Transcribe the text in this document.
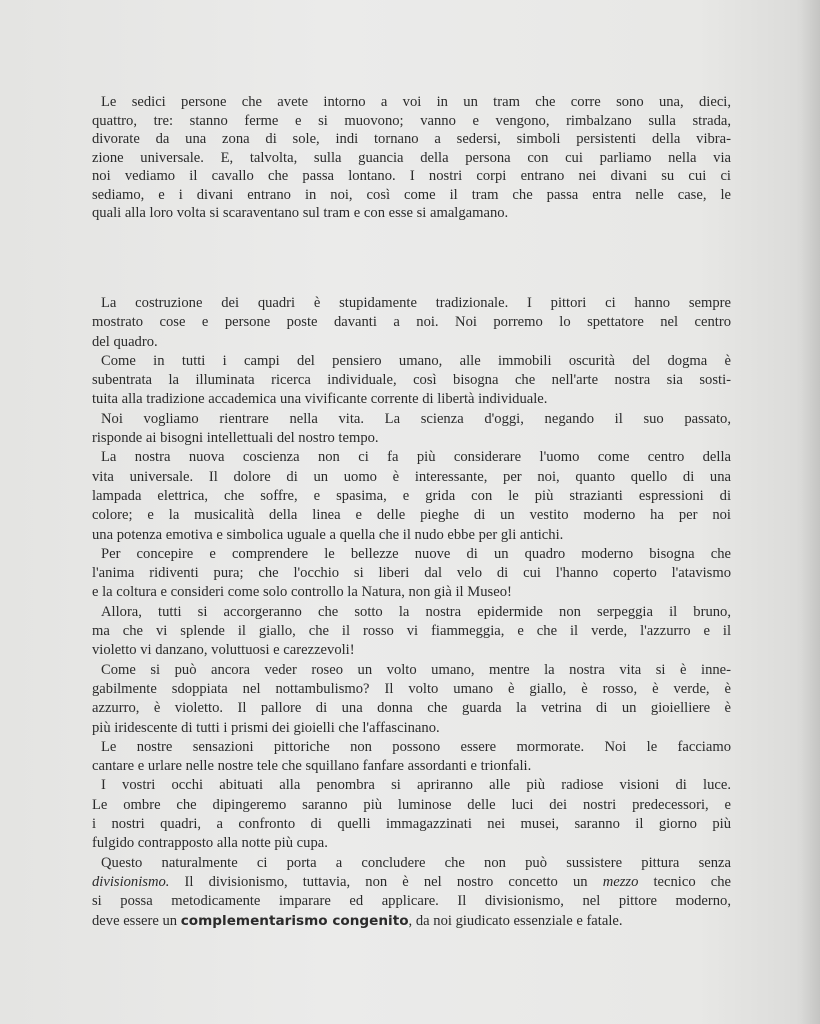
Le sedici persone che avete intorno a voi in un tram che corre sono una, dieci,
quattro, tre: stanno ferme e si muovono; vanno e vengono, rimbalzano sulla strada,
divorate da una zona di sole, indi tornano a sedersi, simboli persistenti della vibra-
zione universale. E, talvolta, sulla guancia della persona con cui parliamo nella via
noi vediamo il cavallo che passa lontano. I nostri corpi entrano nei divani su cui ci
sediamo, e i divani entrano in noi, così come il tram che passa entra nelle case, le
quali alla loro volta si scaraventano sul tram e con esse si amalgamano.
La costruzione dei quadri è stupidamente tradizionale. I pittori ci hanno sempre
mostrato cose e persone poste davanti a noi. Noi porremo lo spettatore nel centro
del quadro.
Come in tutti i campi del pensiero umano, alle immobili oscurità del dogma è
subentrata la illuminata ricerca individuale, così bisogna che nell'arte nostra sia sosti-
tuita alla tradizione accademica una vivificante corrente di libertà individuale.
Noi vogliamo rientrare nella vita. La scienza d'oggi, negando il suo passato,
risponde ai bisogni intellettuali del nostro tempo.
La nostra nuova coscienza non ci fa più considerare l'uomo come centro della
vita universale. Il dolore di un uomo è interessante, per noi, quanto quello di una
lampada elettrica, che soffre, e spasima, e grida con le più strazianti espressioni di
colore; e la musicalità della linea e delle pieghe di un vestito moderno ha per noi
una potenza emotiva e simbolica uguale a quella che il nudo ebbe per gli antichi.
Per concepire e comprendere le bellezze nuove di un quadro moderno bisogna che
l'anima ridiventi pura; che l'occhio si liberi dal velo di cui l'hanno coperto l'atavismo
e la coltura e consideri come solo controllo la Natura, non già il Museo!
Allora, tutti si accorgeranno che sotto la nostra epidermide non serpeggia il bruno,
ma che vi splende il giallo, che il rosso vi fiammeggia, e che il verde, l'azzurro e il
violetto vi danzano, voluttuosi e carezzevoli!
Come si può ancora veder roseo un volto umano, mentre la nostra vita si è inne-
gabilmente sdoppiata nel nottambulismo? Il volto umano è giallo, è rosso, è verde, è
azzurro, è violetto. Il pallore di una donna che guarda la vetrina di un gioielliere è
più iridescente di tutti i prismi dei gioielli che l'affascinano.
Le nostre sensazioni pittoriche non possono essere mormorate. Noi le facciamo
cantare e urlare nelle nostre tele che squillano fanfare assordanti e trionfali.
I vostri occhi abituati alla penombra si apriranno alle più radiose visioni di luce.
Le ombre che dipingeremo saranno più luminose delle luci dei nostri predecessori, e
i nostri quadri, a confronto di quelli immagazzinati nei musei, saranno il giorno più
fulgido contrapposto alla notte più cupa.
Questo naturalmente ci porta a concludere che non può sussistere pittura senza
divisionismo. Il divisionismo, tuttavia, non è nel nostro concetto un mezzo tecnico che
si possa metodicamente imparare ed applicare. Il divisionismo, nel pittore moderno,
deve essere un complementarismo congenito, da noi giudicato essenziale e fatale.
